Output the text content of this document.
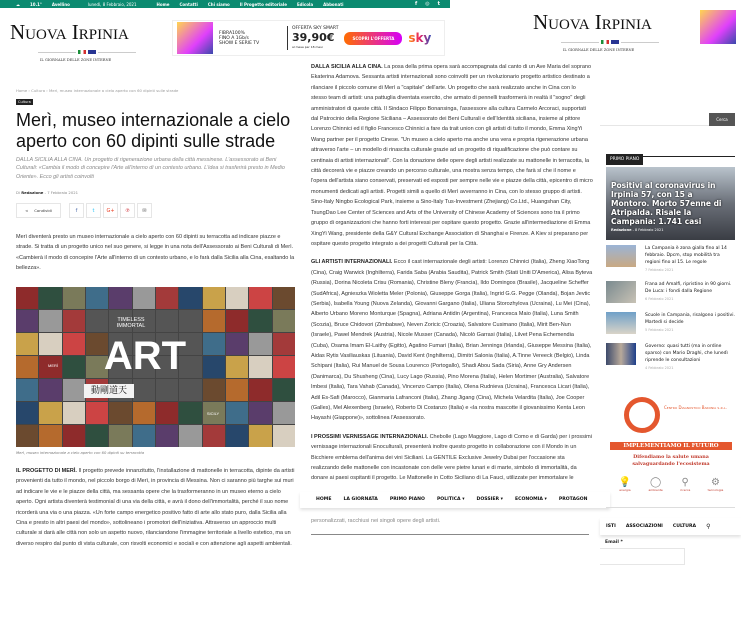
☁	10.1°	Avellino	lunedì, 8 Febbraio, 2021	Home	Contatti	Chi siamo	Il Progetto editoriale	Edicola	Abbonati	f ◎ t
Nuova Irpinia
IL GIORNALE DELLE ZONE INTERNE
FIBRA100%
FINO A 1Gb/s
SHOW E SERIE TV
OFFERTA SKY SMART
39,90€
al mese per 18 mesi
SCOPRI L'OFFERTA	sky
Home › Cultura › Merì, museo internazionale a cielo aperto con 60 dipinti sulle strade
Cultura
Merì, museo internazionale a cielo aperto con 60 dipinti sulle strade
DALLA SICILIA ALLA CINA. Un progetto di rigenerazione urbana della città messinese. L'assessorato ai Beni Culturali: «Cambia il modo di concepire l'Arte all'interno di un contesto urbano. L'idea si trasferirà presto in Medio Oriente». Ecco gli artisti coinvolti
Di Redazione - 7 Febbraio 2021
< Condividi	f	t	G+	℗	✉

Merì diventerà presto un museo internazionale a cielo aperto con 60 dipinti su terracotta ad indicare piazze e strade. Si tratta di un progetto unico nel suo genere, si legge in una nota dell'Assessorato ai Beni Culturali di Merì. «Cambierà il modo di concepire l'Arte all'interno di un contesto urbano, e lo farà dalla Sicilia alla Cina, esaltando la bellezza».

TIMELESS
IMMORTAL
ART
MERÌ
SICILY
動剛道天
Merì, museo internazionale a cielo aperto con 60 dipinti su terracotta

IL PROGETTO DI MERÌ. Il progetto prevede innanzitutto, l'installazione di mattonelle in terracotta, dipinte da artisti provenienti da tutto il mondo, nel piccolo borgo di Merì, in provincia di Messina. Non ci saranno più targhe sui muri ad indicare le vie e le piazze della città, ma sessanta opere che la trasformeranno in un museo eterno a cielo aperto. Ogni artista diventerà testimonial di una via della città, e avrà il dono dell'immortalità, perché il suo nome ricorderà una via o una piazza. «Un forte campo energetico positivo fatto di arte allo stato puro, dalla Sicilia alla Cina e presto in altri paesi del mondo», sottolineano i promotori dell'iniziativa. Attraverso un approccio multi culturale si darà alle città non solo un aspetto nuovo, rilanciandone l'immagine territoriale a livello estetico, ma un diverso respiro dal punto di vista culturale, con risvolti economici e sociali e con attenzione agli aspetti ambientali.

DALLA SICILIA ALLA CINA. La posa della prima opera sarà accompagnata dal canto di un Ave Maria del soprano Ekaterina Adamova. Sessanta artisti internazionali sono coinvolti per un rivoluzionario progetto artistico destinato a rilanciare il piccolo comune di Merì a "capitale" dell'arte. Un progetto che sarà realizzato anche in Cina con lo stesso team di artisti: una pattuglia diventata esercito, che armato di pennelli trasformerà in realtà il "sogno" degli amministratori di queste città. Il Sindaco Filippo Bonansinga, l'assessore alla cultura Carmelo Arcoraci, supportati dal Patrocinio della Regione Siciliana – Assessorato dei Beni Culturali e dell'Identità siciliana, insieme al pittore Lorenzo Chinnici ed il figlio Francesco Chinnici a fare da trait union con gli artisti di tutto il mondo, Emma XingYi Wang partner per il progetto Cinese. "Un museo a cielo aperto ma anche una vera e propria rigenerazione urbana attraverso l'arte – un modello di rinascita culturale grazie ad un progetto di riqualificazione che può contare su centinaia di artisti internazionali". Con la donazione delle opere degli artisti realizzate su mattonelle in terracotta, la città decorerà vie e piazze creando un percorso culturale, una mostra senza tempo, che farà sì che il nome e l'opera dell'artista siano conservati, preservati ed esposti per sempre nelle vie e piazze della città, epicentro di micro monumenti dedicati agli artisti. Progetti simili a quello di Merì avverranno in Cina, con lo stesso gruppo di artisti. Sino-Italy Ningbo Ecological Park, insieme a Sino-Italy Tus-Investment (Zhejiang) Co.Ltd., Huangshan City, TsungDao Lee Center of Sciences and Arts of the University of Chinese Academy of Sciences sono tra il primo gruppo di organizzazioni che hanno forti interessi per ospitare questo progetto. Grazie all'intermediazione di Emma XingYi Wang, presidente della G&Y Cultural Exchange Association di Shanghai e Firenze. A Kiev si preparano per ospitare questo progetto integrato a dei progetti Culturali per la Città.

GLI ARTISTI INTERNAZIONALI. Ecco il cast internazionale degli artisti: Lorenzo Chinnici (Italia), Zheng XiaoTong (Cina), Craig Warwick (Inghilterra), Farida Saba (Arabia Saudita), Patrick Smith (Stati Uniti D'America), Alisa Byteva (Russia), Dorina Nicoleta Crisu (Romania), Christine Bleny (Francia), Ildo Domingos (Brasile), Jacqueline Scheffer (SudAfrica), Agnieszka Wioletta Meler (Polonia), Giuseppe Gorga (Italia), Ingrid G.G. Pegge (Olanda), Bojan Jevtic (Serbia), Isabella Young (Nuova Zelanda), Giovanni Gargano (Italia), Uliana Storozhylova (Ucraina), Lu Mei (Cina), Alberto Urbano Moreno Monturque (Spagna), Adriana Antidin (Argentina), Francesca Maio (Italia), Luna Smith (Scozia), Bruce Chidovori (Zimbabwe), Neven Zoricic (Croazia), Salvatore Cusimano (Italia), Mirit Ben-Nun (Israele), Pawel Mendrek (Austria), Nicole Musser (Canada), Nicolò Garrasi (Italia), Lilvet Pena Echemendia (Cuba), Osama Imam El-Laithy (Egitto), Agatino Fumari (Italia), Brian Jennings (Irlanda), Giuseppe Messina (Italia), Aidas Rytis Vasiliauskas (Lituania), David Kent (Inghilterra), Dimitri Salonia (Italia), A.Tinne Vereeck (Belgio), Linda Schipani (Italia), Rui Manuel de Sousa Lourenco (Portogallo), Shadi Abou Sada (Siria), Anne Gry Andersen (Danimarca), Du Shusheng (Cina), Lucy Lago (Russia), Pino Morena (Italia), Helen Mortimer (Australia), Salvatore Imbesi (Italia), Tara Vahab (Canada), Vincenzo Campo (Italia), Olena Rudnieva (Ucraina), Francesca Licari (Italia), Adil Es-Safi (Marocco), Gianmaria Lafranconi (Italia), Zhang Jigang (Cina), Michela Velardita (Italia), Joe Cooper (Galles), Mel Alexenberg (Israele), Roberto Di Costanzo (Italia) e «la nostra mascotte il giovanissimo Kenta Leon Hayashi (Giappone)», sottolinea l'Assessorato.

I PROSSIMI VERNISSAGE INTERNAZIONALI. Chebolle (Lago Maggiore, Lago di Como e di Garda) per i prossimi vernissage internazionali Enoculturali, presenterà inoltre questo progetto in collaborazione con il Mondo in un Bicchiere emblema dell'anima dei vini Siciliani. La GENTILE Exclusive Jewelry Dubai per l'occasione sta realizzando delle mattonelle con incastonate con delle vere pietre lunari e di marte, simbolo di immortalità, da donare ai paesi ospitanti il progetto. Le Mattonelle in Cotto Siciliano di La Fauci, utilizzate per immortalare le

HOME	LA GIORNATA	PRIMO PIANO	POLITICA ▾	DOSSIER ▾	ECONOMIA ▾	PROTAGON

personalizzati, racchiusi nei singoli opere degli artisti.

Nuova Irpinia
IL GIORNALE DELLE ZONE INTERNE
Cerca
PRIMO PIANO
Positivi al coronavirus in Irpinia 57, con 15 a Montoro. Morto 57enne di Atripalda. Risale la Campania: 1.741 casi
Redazione - 8 Febbraio 2021
La Campania è zona gialla fino al 14 febbraio. Dpcm, stop mobilità tra regioni fino al 15. Le regole
7 Febbraio 2021
Frana ad Amalfi, ripristino in 90 giorni. De Luca: i fondi dalla Regione
6 Febbraio 2021
Scuole in Campania, risalgono i positivi. Martedì si decide
5 Febbraio 2021
Governo: quasi tutti (ma in ordine sparso) con Mario Draghi, che lunedì riprende le consultazioni
4 Febbraio 2021
Centro Diagnostico Baronia s.r.l.
IMPLEMENTIAMO IL FUTURO
Difendiamo la salute umana salvaguardando l'ecosistema
💡
energia
◯
ambiente
⚲
ricerca
⚙
tecnologia
ISTI ASSOCIAZIONI CULTURA ⚲
Email *
